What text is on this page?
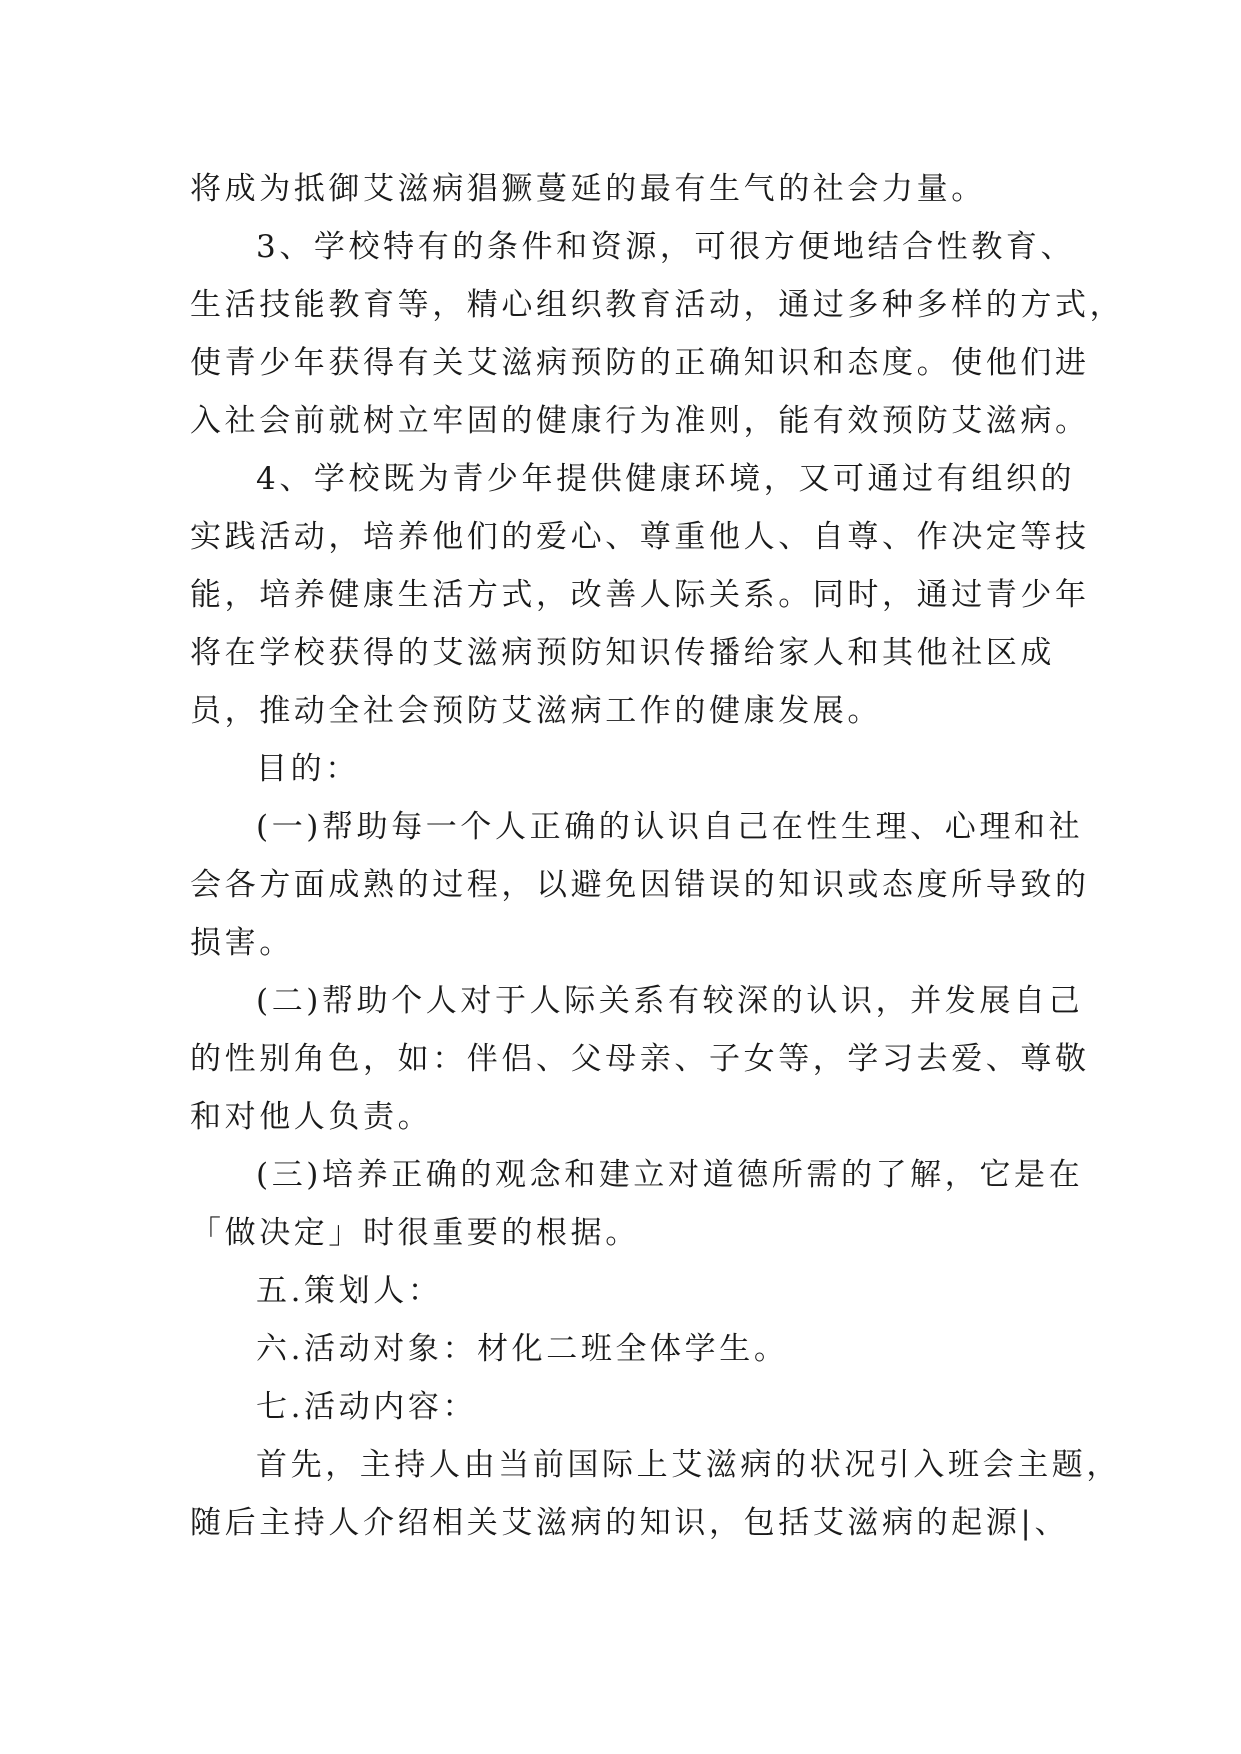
将成为抵御艾滋病猖獗蔓延的最有生气的社会力量。
3、学校特有的条件和资源，可很方便地结合性教育、
生活技能教育等，精心组织教育活动，通过多种多样的方式，
使青少年获得有关艾滋病预防的正确知识和态度。使他们进
入社会前就树立牢固的健康行为准则，能有效预防艾滋病。
4、学校既为青少年提供健康环境，又可通过有组织的
实践活动，培养他们的爱心、尊重他人、自尊、作决定等技
能，培养健康生活方式，改善人际关系。同时，通过青少年
将在学校获得的艾滋病预防知识传播给家人和其他社区成
员，推动全社会预防艾滋病工作的健康发展。
目的：
(一)帮助每一个人正确的认识自己在性生理、心理和社
会各方面成熟的过程，以避免因错误的知识或态度所导致的
损害。
(二)帮助个人对于人际关系有较深的认识，并发展自己
的性别角色，如：伴侣、父母亲、子女等，学习去爱、尊敬
和对他人负责。
(三)培养正确的观念和建立对道德所需的了解，它是在
「做决定」时很重要的根据。
五.策划人：
六.活动对象：材化二班全体学生。
七.活动内容：
首先，主持人由当前国际上艾滋病的状况引入班会主题，
随后主持人介绍相关艾滋病的知识，包括艾滋病的起源|、
